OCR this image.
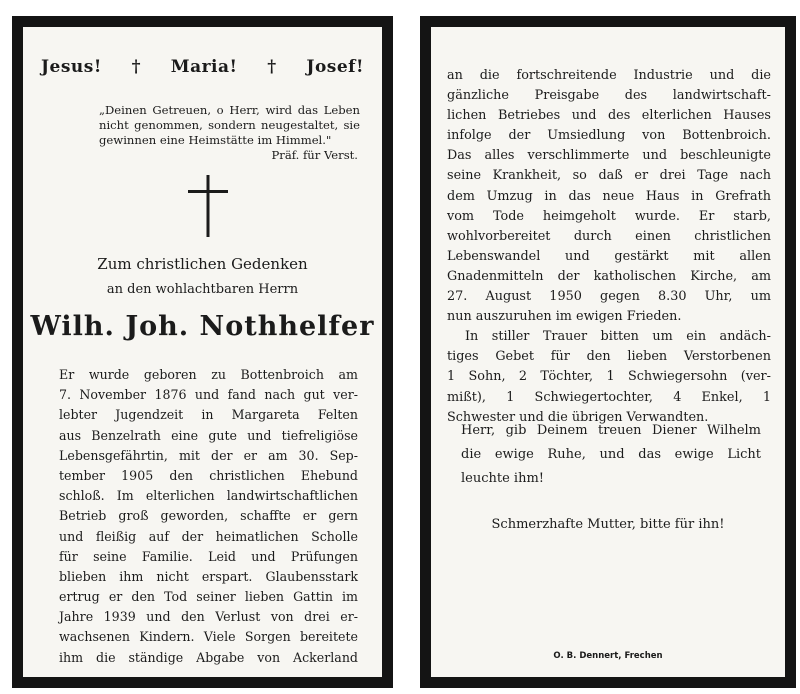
Jesus! † Maria! † Josef!
„Deinen Getreuen, o Herr, wird das Leben nicht genommen, sondern neugestaltet, sie gewinnen eine Heimstätte im Himmel."
Präf. für Verst.
Zum christlichen Gedenken
an den wohlachtbaren Herrn
Wilh. Joh. Nothhelfer
Er wurde geboren zu Bottenbroich am
7. November 1876 und fand nach gut ver-
lebter Jugendzeit in Margareta Felten
aus Benzelrath eine gute und tiefreligiöse
Lebensgefährtin, mit der er am 30. Sep-
tember 1905 den christlichen Ehebund
schloß. Im elterlichen landwirtschaftlichen
Betrieb groß geworden, schaffte er gern
und fleißig auf der heimatlichen Scholle
für seine Familie. Leid und Prüfungen
blieben ihm nicht erspart. Glaubensstark
ertrug er den Tod seiner lieben Gattin im
Jahre 1939 und den Verlust von drei er-
wachsenen Kindern. Viele Sorgen bereitete
ihm die ständige Abgabe von Ackerland
an die fortschreitende Industrie und die
gänzliche Preisgabe des landwirtschaft-
lichen Betriebes und des elterlichen Hauses
infolge der Umsiedlung von Bottenbroich.
Das alles verschlimmerte und beschleunigte
seine Krankheit, so daß er drei Tage nach
dem Umzug in das neue Haus in Grefrath
vom Tode heimgeholt wurde. Er starb,
wohlvorbereitet durch einen christlichen
Lebenswandel und gestärkt mit allen
Gnadenmitteln der katholischen Kirche, am
27. August 1950 gegen 8.30 Uhr, um
nun auszuruhen im ewigen Frieden.
In stiller Trauer bitten um ein andäch-
tiges Gebet für den lieben Verstorbenen
1 Sohn, 2 Töchter, 1 Schwiegersohn (ver-
mißt), 1 Schwiegertochter, 4 Enkel, 1
Schwester und die übrigen Verwandten.
Herr, gib Deinem treuen Diener Wilhelm
die ewige Ruhe, und das ewige Licht
leuchte ihm!
Schmerzhafte Mutter, bitte für ihn!
O. B. Dennert, Frechen
